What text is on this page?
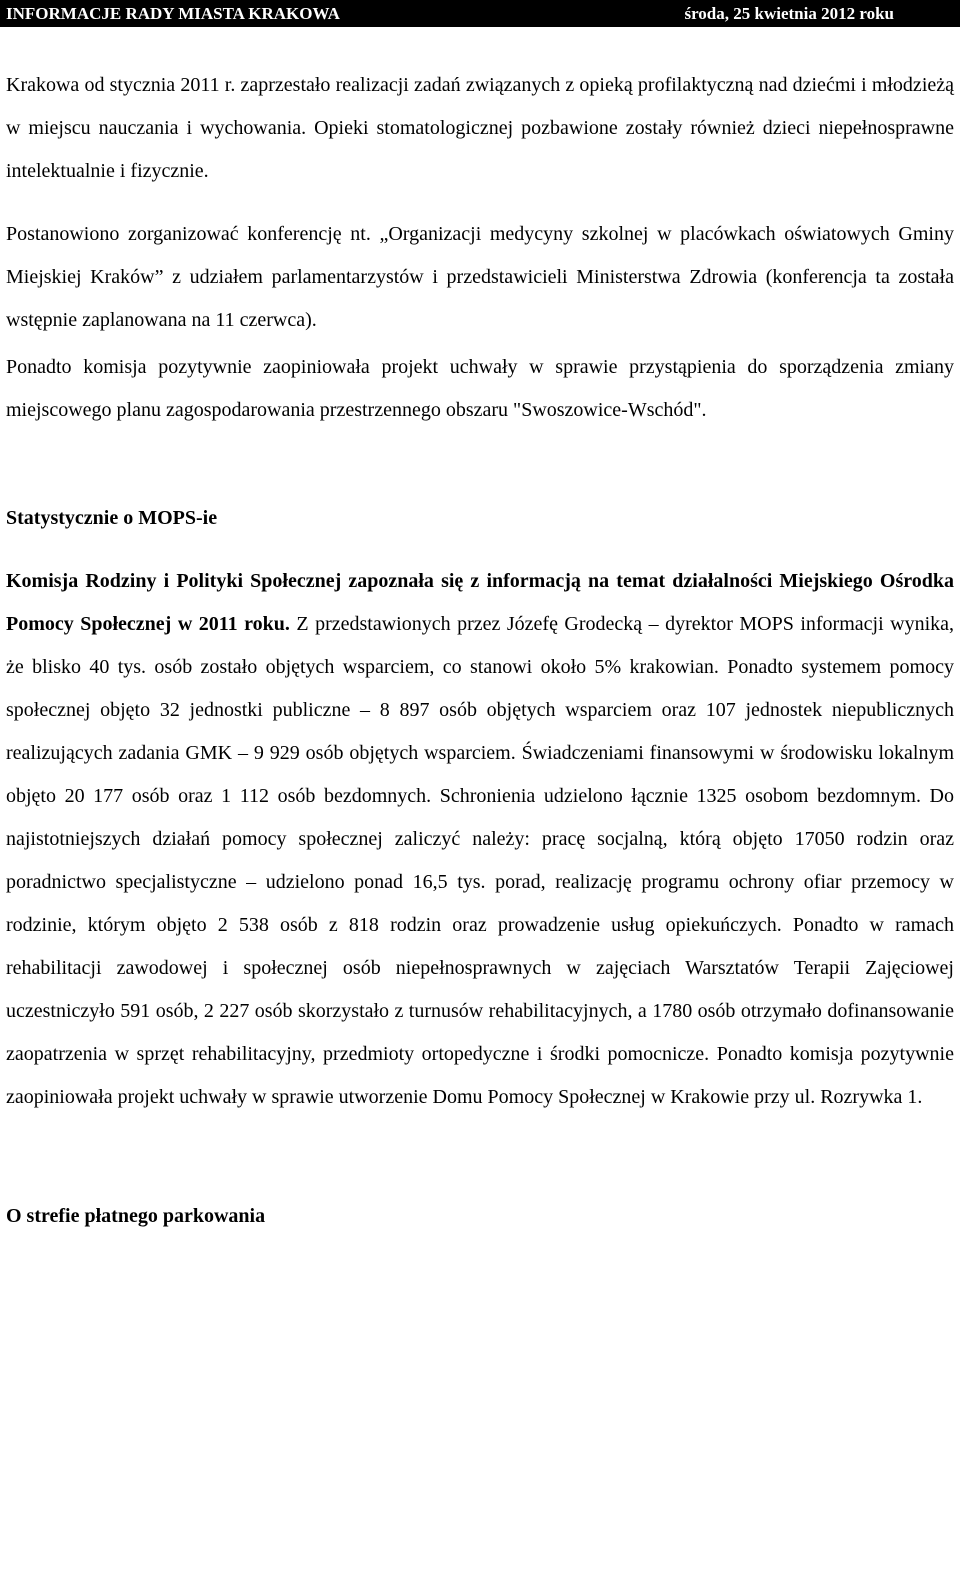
INFORMACJE RADY MIASTA KRAKOWA	środa, 25 kwietnia 2012 roku

Krakowa od stycznia 2011 r. zaprzestało realizacji zadań związanych z opieką profilaktyczną nad dziećmi i młodzieżą w miejscu nauczania i wychowania. Opieki stomatologicznej pozbawione zostały również dzieci niepełnosprawne intelektualnie i fizycznie.

Postanowiono zorganizować konferencję nt. „Organizacji medycyny szkolnej w placówkach oświatowych Gminy Miejskiej Kraków” z udziałem parlamentarzystów i przedstawicieli Ministerstwa Zdrowia (konferencja ta została wstępnie zaplanowana na 11 czerwca).

Ponadto komisja pozytywnie zaopiniowała projekt uchwały w sprawie przystąpienia do sporządzenia zmiany miejscowego planu zagospodarowania przestrzennego obszaru "Swoszowice-Wschód".

Statystycznie o MOPS-ie

Komisja Rodziny i Polityki Społecznej zapoznała się z informacją na temat działalności Miejskiego Ośrodka Pomocy Społecznej w 2011 roku. Z przedstawionych przez Józefę Grodecką – dyrektor MOPS informacji wynika, że blisko 40 tys. osób zostało objętych wsparciem, co stanowi około 5% krakowian. Ponadto systemem pomocy społecznej objęto 32 jednostki publiczne – 8 897 osób objętych wsparciem oraz 107 jednostek niepublicznych realizujących zadania GMK – 9 929 osób objętych wsparciem. Świadczeniami finansowymi w środowisku lokalnym objęto 20 177 osób oraz 1 112 osób bezdomnych. Schronienia udzielono łącznie 1325 osobom bezdomnym. Do najistotniejszych działań pomocy społecznej zaliczyć należy: pracę socjalną, którą objęto 17050 rodzin oraz poradnictwo specjalistyczne – udzielono ponad 16,5 tys. porad, realizację programu ochrony ofiar przemocy w rodzinie, którym objęto 2 538 osób z 818 rodzin oraz prowadzenie usług opiekuńczych. Ponadto w ramach rehabilitacji zawodowej i społecznej osób niepełnosprawnych w zajęciach Warsztatów Terapii Zajęciowej uczestniczyło 591 osób, 2 227 osób skorzystało z turnusów rehabilitacyjnych, a 1780 osób otrzymało dofinansowanie zaopatrzenia w sprzęt rehabilitacyjny, przedmioty ortopedyczne i środki pomocnicze. Ponadto komisja pozytywnie zaopiniowała projekt uchwały w sprawie utworzenie Domu Pomocy Społecznej w Krakowie przy ul. Rozrywka 1.

O strefie płatnego parkowania
